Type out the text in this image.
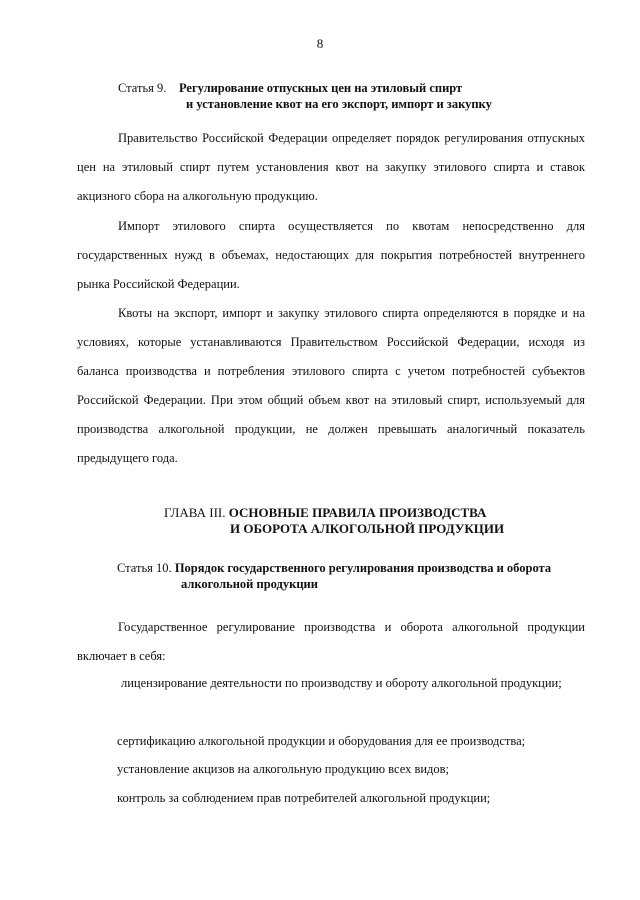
8
Статья 9. Регулирование отпускных цен на этиловый спирт
и установление квот на его экспорт, импорт и закупку

Правительство Российской Федерации определяет порядок регулирования отпускных цен на этиловый спирт путем установления квот на закупку этилового спирта и ставок акцизного сбора на алкогольную продукцию.

Импорт этилового спирта осуществляется по квотам непосредственно для государственных нужд в объемах, недостающих для покрытия потребностей внутреннего рынка Российской Федерации.

Квоты на экспорт, импорт и закупку этилового спирта определяются в порядке и на условиях, которые устанавливаются Правительством Российской Федерации, исходя из баланса производства и потребления этилового спирта с учетом потребностей субъектов Российской Федерации. При этом общий объем квот на этиловый спирт, используемый для производства алкогольной продукции, не должен превышать аналогичный показатель предыдущего года.

ГЛАВА III. ОСНОВНЫЕ ПРАВИЛА ПРОИЗВОДСТВА
И ОБОРОТА АЛКОГОЛЬНОЙ ПРОДУКЦИИ
Статья 10. Порядок государственного регулирования производства и оборота
алкогольной продукции

Государственное регулирование производства и оборота алкогольной продукции включает в себя:

лицензирование деятельности по производству и обороту алкогольной продукции;

сертификацию алкогольной продукции и оборудования для ее производства;

установление акцизов на алкогольную продукцию всех видов;

контроль за соблюдением прав потребителей алкогольной продукции;
